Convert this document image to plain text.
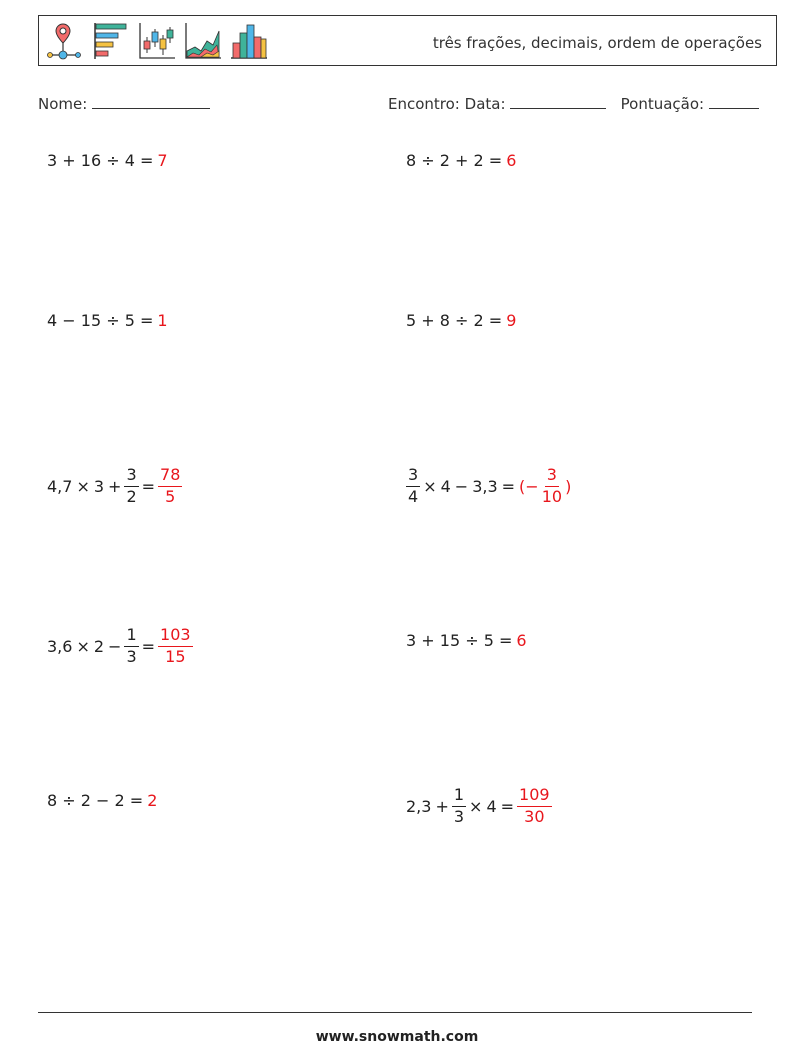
três frações, decimais, ordem de operações
Nome:	Encontro: Data:	Pontuação:
3 + 16 ÷ 4 = 7	8 ÷ 2 + 2 = 6
4 − 15 ÷ 5 = 1	5 + 8 ÷ 2 = 9
$4,7 \times 3 + \frac{3}{2} = \frac{78}{5}$	$\frac{3}{4} \times 4 - 3,3$ = ( − $\frac{3}{10}$ )
$3,6 \times 2 - \frac{1}{3} = \frac{103}{15}$	3 + 15 ÷ 5 = 6
8 ÷ 2 − 2 = 2	$2,3 + \frac{1}{3} \times 4 = \frac{109}{30}$
www.snowmath.com
